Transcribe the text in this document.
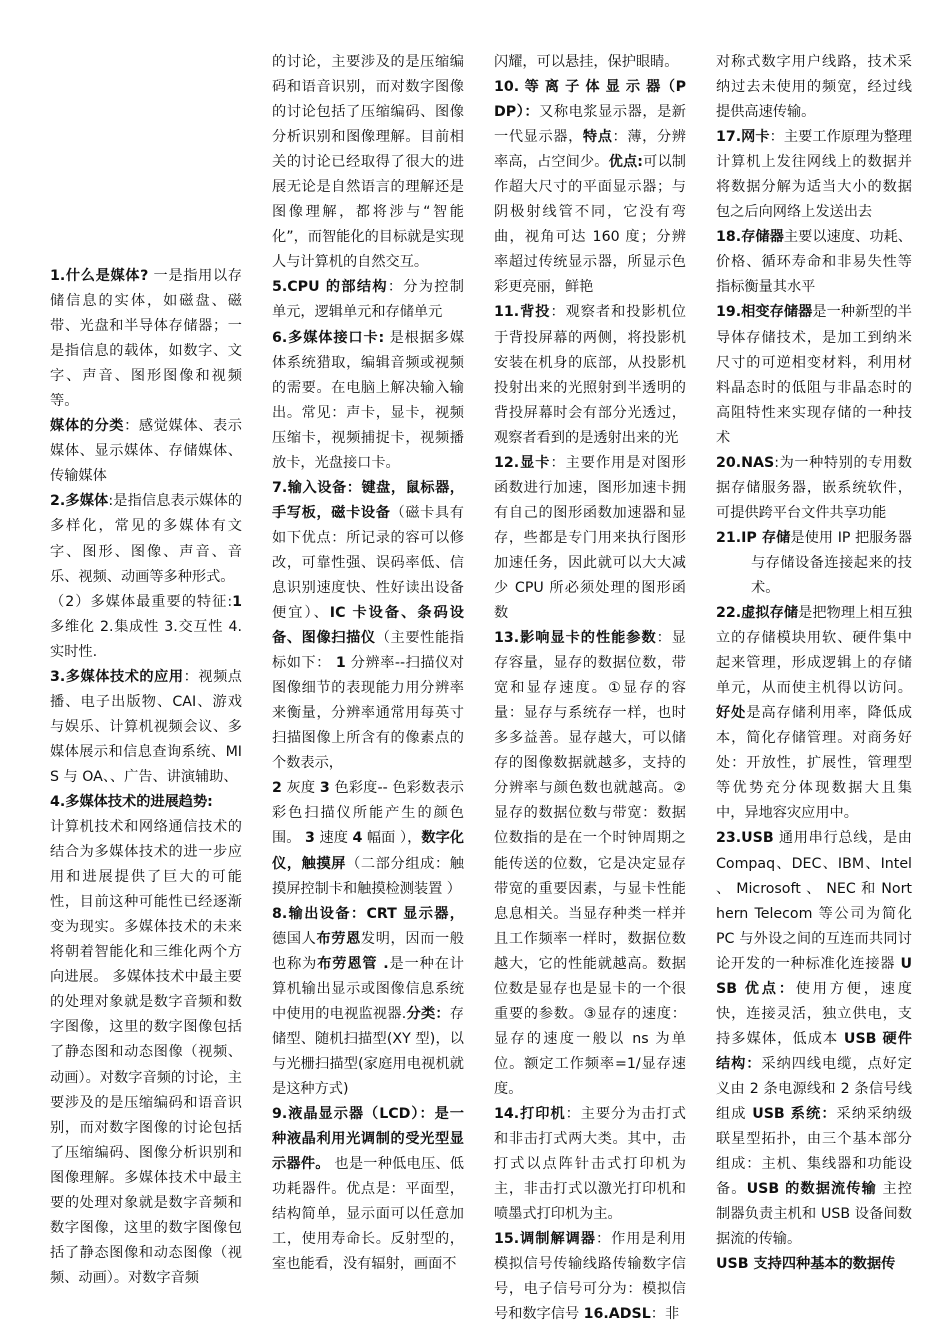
1.什么是媒体? 一是指用以存储信息的实体，如磁盘、磁带、光盘和半导体存储器；一是指信息的载体，如数字、文字、声音、图形图像和视频等。

媒体的分类：感觉媒体、表示媒体、显示媒体、存储媒体、传输媒体

2.多媒体:是指信息表示媒体的多样化，常见的多媒体有文字、图形、图像、声音、音乐、视频、动画等多种形式。

（2）多媒体最重要的特征:1多维化 2.集成性 3.交互性 4.实时性.

3.多媒体技术的应用：视频点播、电子出版物、CAI、游戏与娱乐、计算机视频会议、多媒体展示和信息查询系统、MIS 与 OA、、广告、讲演辅助、

4.多媒体技术的进展趋势:

计算机技术和网络通信技术的结合为多媒体技术的进一步应用和进展提供了巨大的可能性，目前这种可能性已经逐渐变为现实。多媒体技术的未来将朝着智能化和三维化两个方向进展。 多媒体技术中最主要的处理对象就是数字音频和数字图像，这里的数字图像包括了静态图和动态图像（视频、动画）。对数字音频的讨论，主要涉及的是压缩编码和语音识别，而对数字图像的讨论包括了压缩编码、图像分析识别和图像理解。多媒体技术中最主要的处理对象就是数字音频和数字图像，这里的数字图像包括了静态图像和动态图像（视频、动画）。对数字音频

的讨论，主要涉及的是压缩编码和语音识别，而对数字图像的讨论包括了压缩编码、图像分析识别和图像理解。目前相关的讨论已经取得了很大的进展无论是自然语言的理解还是图像理解，都将涉与“智能化”，而智能化的目标就是实现人与计算机的自然交互。

5.CPU 的部结构：分为控制单元，逻辑单元和存储单元

6.多媒体接口卡: 是根据多媒体系统猎取，编辑音频或视频的需要。在电脑上解决输入输出。常见：声卡，显卡，视频压缩卡，视频捕捉卡，视频播放卡，光盘接口卡。

7.输入设备：键盘，鼠标器，手写板，磁卡设备（磁卡具有如下优点：所记录的容可以修改，可靠性强、误码率低、信息识别速度快、性好读出设备便宜）、IC 卡设备、条码设备、图像扫描仪（主要性能指标如下： 1 分辨率--扫描仪对图像细节的表现能力用分辨率来衡量，分辨率通常用每英寸扫描图像上所含有的像素点的个数表示，

2 灰度 3 色彩度-- 色彩数表示彩色扫描仪所能产生的颜色围。 3 速度 4 幅面 ），数字化仪，触摸屏（二部分组成：触摸屏控制卡和触摸检测装置 ）

8.输出设备：CRT 显示器，德国人布劳恩发明，因而一般也称为布劳恩管 .是一种在计算机输出显示或图像信息系统中使用的电视监视器.分类：存储型、随机扫描型(XY 型)，以与光栅扫描型(家庭用电视机就是这种方式)

9.液晶显示器（LCD）：是一种液晶利用光调制的受光型显示器件。 也是一种低电压、低功耗器件。优点是：平面型，结构简单，显示面可以任意加工，使用寿命长。反射型的，室也能看，没有辐射，画面不

闪耀，可以悬挂，保护眼睛。

10. 等 离 子 体 显 示 器（PDP）：又称电浆显示器，是新一代显示器，特点：薄，分辨率高，占空间少。优点:可以制作超大尺寸的平面显示器；与阴极射线管不同，它没有弯曲，视角可达 160 度；分辨率超过传统显示器，所显示色彩更亮丽，鲜艳

11.背投：观察者和投影机位于背投屏幕的两侧，将投影机安装在机身的底部，从投影机投射出来的光照射到半透明的背投屏幕时会有部分光透过，观察者看到的是透射出来的光

12.显卡：主要作用是对图形函数进行加速，图形加速卡拥有自己的图形函数加速器和显存，些都是专门用来执行图形加速任务，因此就可以大大减少 CPU 所必须处理的图形函数

13.影响显卡的性能参数：显存容量，显存的数据位数，带宽和显存速度。①显存的容量：显存与系统存一样，也时多多益善。显存越大，可以储存的图像数据就越多，支持的分辨率与颜色数也就越高。②显存的数据位数与带宽：数据位数指的是在一个时钟周期之能传送的位数，它是决定显存带宽的重要因素，与显卡性能息息相关。当显存种类一样并且工作频率一样时，数据位数越大，它的性能就越高。数据位数是显存也是显卡的一个很重要的参数。③显存的速度：显存的速度一般以 ns 为单位。额定工作频率=1/显存速度。

14.打印机：主要分为击打式和非击打式两大类。其中，击打式以点阵针击式打印机为主，非击打式以激光打印机和喷墨式打印机为主。

15.调制解调器：作用是利用模拟信号传输线路传输数字信号，电子信号可分为：模拟信号和数字信号 16.ADSL：非

对称式数字用户线路，技术采纳过去未使用的频宽，经过线提供高速传输。

17.网卡：主要工作原理为整理计算机上发往网线上的数据并将数据分解为适当大小的数据包之后向网络上发送出去

18.存储器主要以速度、功耗、价格、循环寿命和非易失性等指标衡量其水平

19.相变存储器是一种新型的半导体存储技术，是加工到纳米尺寸的可逆相变材料，利用材料晶态时的低阻与非晶态时的高阻特性来实现存储的一种技术

20.NAS:为一种特别的专用数据存储服务器，嵌系统软件，可提供跨平台文件共享功能

21.IP 存储是使用 IP 把服务器与存储设备连接起来的技术。

22.虚拟存储是把物理上相互独立的存储模块用软、硬件集中起来管理，形成逻辑上的存储单元，从而使主机得以访问。好处是高存储利用率，降低成本，简化存储管理。对商务好处：开放性，扩展性，管理型等优势充分体现数据大且集中，异地容灾应用中。

23.USB 通用串行总线，是由 Compaq、DEC、IBM、Intel 、 Microsoft 、 NEC 和 Northern Telecom 等公司为简化 PC 与外设之间的互连而共同讨论开发的一种标准化连接器 USB 优点：使用方便，速度快，连接灵活，独立供电，支持多媒体，低成本 USB 硬件结构：采纳四线电缆，点好定义由 2 条电源线和 2 条信号线组成 USB 系统：采纳采纳级联星型拓扑，由三个基本部分组成：主机、集线器和功能设备。USB 的数据流传输 主控制器负责主机和 USB 设备间数据流的传输。

USB 支持四种基本的数据传
